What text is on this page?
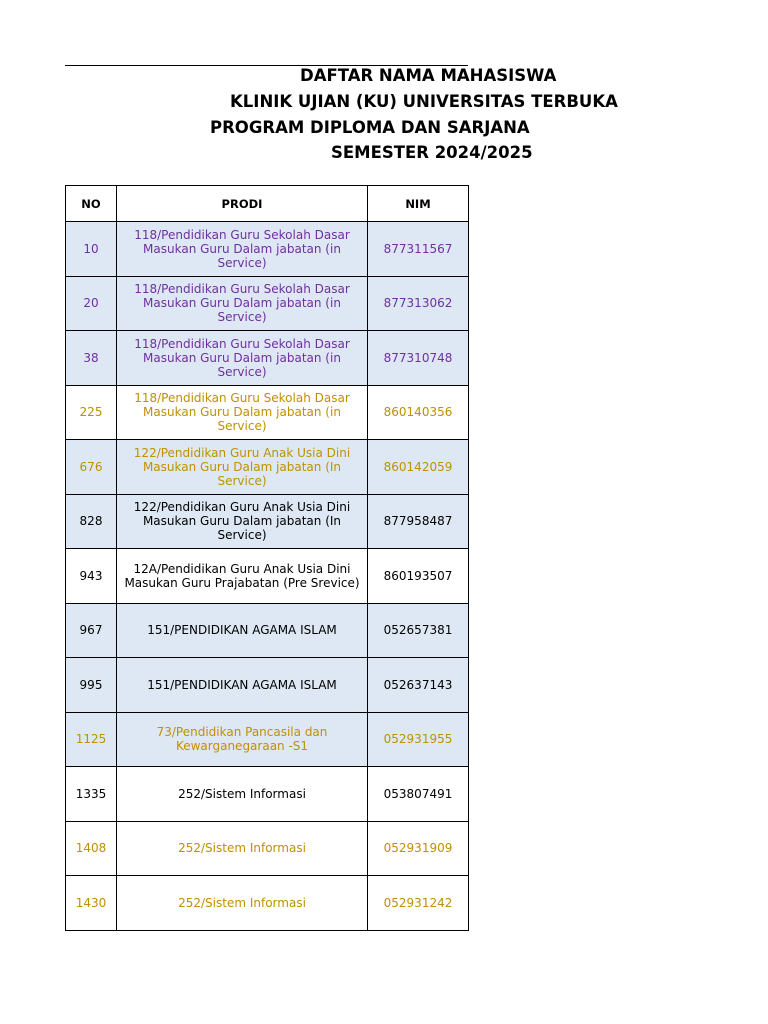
DAFTAR NAMA MAHASISWA
KLINIK UJIAN (KU) UNIVERSITAS TERBUKA
PROGRAM DIPLOMA DAN SARJANA
SEMESTER 2024/2025
NO	PRODI	NIM
10	118/Pendidikan Guru Sekolah Dasar
Masukan Guru Dalam jabatan (in Service)	877311567
20	118/Pendidikan Guru Sekolah Dasar
Masukan Guru Dalam jabatan (in Service)	877313062
38	118/Pendidikan Guru Sekolah Dasar
Masukan Guru Dalam jabatan (in Service)	877310748
225	118/Pendidikan Guru Sekolah Dasar
Masukan Guru Dalam jabatan (in Service)	860140356
676	122/Pendidikan Guru Anak Usia Dini
Masukan Guru Dalam jabatan (In Service)	860142059
828	122/Pendidikan Guru Anak Usia Dini
Masukan Guru Dalam jabatan (In Service)	877958487
943	12A/Pendidikan Guru Anak Usia Dini
Masukan Guru Prajabatan (Pre Srevice)	860193507
967	151/PENDIDIKAN AGAMA ISLAM	052657381
995	151/PENDIDIKAN AGAMA ISLAM	052637143
1125	73/Pendidikan Pancasila dan
Kewarganegaraan -S1	052931955
1335	252/Sistem Informasi	053807491
1408	252/Sistem Informasi	052931909
1430	252/Sistem Informasi	052931242
